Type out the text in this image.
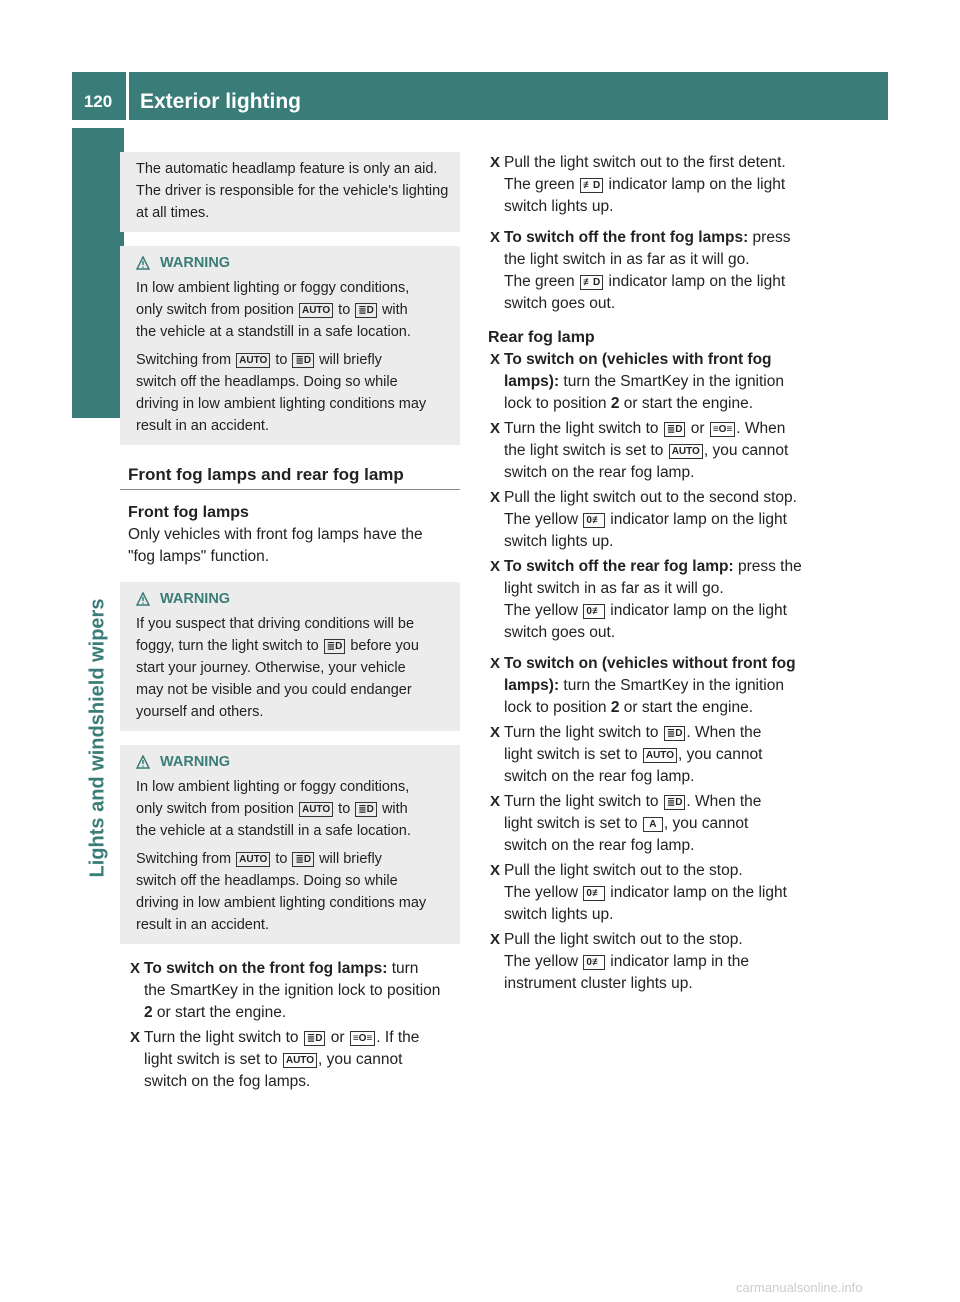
120	Exterior lighting
Lights and windshield wipers

The automatic headlamp feature is only an aid. The driver is responsible for the vehicle's lighting at all times.

WARNING

In low ambient lighting or foggy conditions,
only switch from position AUTO to ≣D with
the vehicle at a standstill in a safe location.

Switching from AUTO to ≣D will briefly
switch off the headlamps. Doing so while
driving in low ambient lighting conditions may
result in an accident.

Front fog lamps and rear fog lamp
Front fog lamps
Only vehicles with front fog lamps have the
"fog lamps" function.
WARNING

If you suspect that driving conditions will be
foggy, turn the light switch to ≣D before you
start your journey. Otherwise, your vehicle
may not be visible and you could endanger
yourself and others.

WARNING

In low ambient lighting or foggy conditions,
only switch from position AUTO to ≣D with
the vehicle at a standstill in a safe location.

Switching from AUTO to ≣D will briefly
switch off the headlamps. Doing so while
driving in low ambient lighting conditions may
result in an accident.

X To switch on the front fog lamps: turn
the SmartKey in the ignition lock to position
2 or start the engine.
X Turn the light switch to ≣D or ≡O≡ . If the
light switch is set to AUTO , you cannot
switch on the fog lamps.
X Pull the light switch out to the first detent.
The green ≢D indicator lamp on the light
switch lights up.
X To switch off the front fog lamps: press
the light switch in as far as it will go.
The green ≢D indicator lamp on the light
switch goes out.
Rear fog lamp
X To switch on (vehicles with front fog
lamps): turn the SmartKey in the ignition
lock to position 2 or start the engine.
X Turn the light switch to ≣D or ≡O≡ . When
the light switch is set to AUTO , you cannot
switch on the rear fog lamp.
X Pull the light switch out to the second stop.
The yellow 0≢ indicator lamp on the light
switch lights up.
X To switch off the rear fog lamp: press the
light switch in as far as it will go.
The yellow 0≢ indicator lamp on the light
switch goes out.
X To switch on (vehicles without front fog
lamps): turn the SmartKey in the ignition
lock to position 2 or start the engine.
X Turn the light switch to ≣D . When the
light switch is set to AUTO , you cannot
switch on the rear fog lamp.
X Turn the light switch to ≣D . When the
light switch is set to A , you cannot
switch on the rear fog lamp.
X Pull the light switch out to the stop.
The yellow 0≢ indicator lamp on the light
switch lights up.
X Pull the light switch out to the stop.
The yellow 0≢ indicator lamp in the
instrument cluster lights up.
carmanualsonline.info
